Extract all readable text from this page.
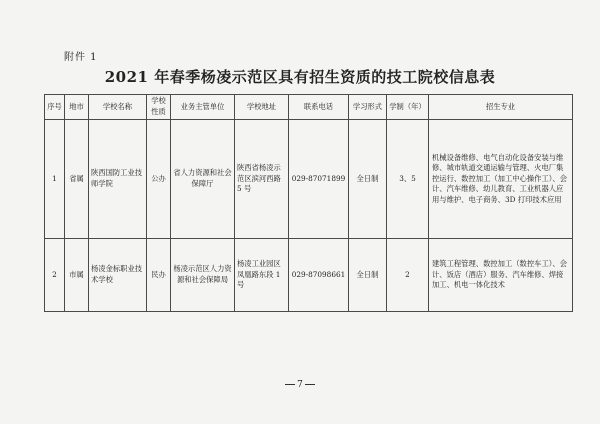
附件 1
2021 年春季杨凌示范区具有招生资质的技工院校信息表
序号	地市	学校名称	学校性质	业务主管单位	学校地址	联系电话	学习形式	学制（年）	招生专业
1	省属	陕西国防工业技师学院	公办	省人力资源和社会保障厅	陕西省杨凌示范区滨河西路 5 号	029-87071899	全日制	3、5	机械设备维修、电气自动化设备安装与维修、城市轨道交通运输与管理、火电厂集控运行、数控加工（加工中心操作工）、会计、汽车维修、幼儿教育、工业机器人应用与维护、电子商务、3D 打印技术应用
2	市属	杨凌金标职业技术学校	民办	杨凌示范区人力资源和社会保障局	杨凌工业园区凤凰路东段 1 号	029-87098661	全日制	2	建筑工程管理、数控加工（数控车工）、会计、饭店（酒店）服务、汽车维修、焊接加工、机电一体化技术
7
